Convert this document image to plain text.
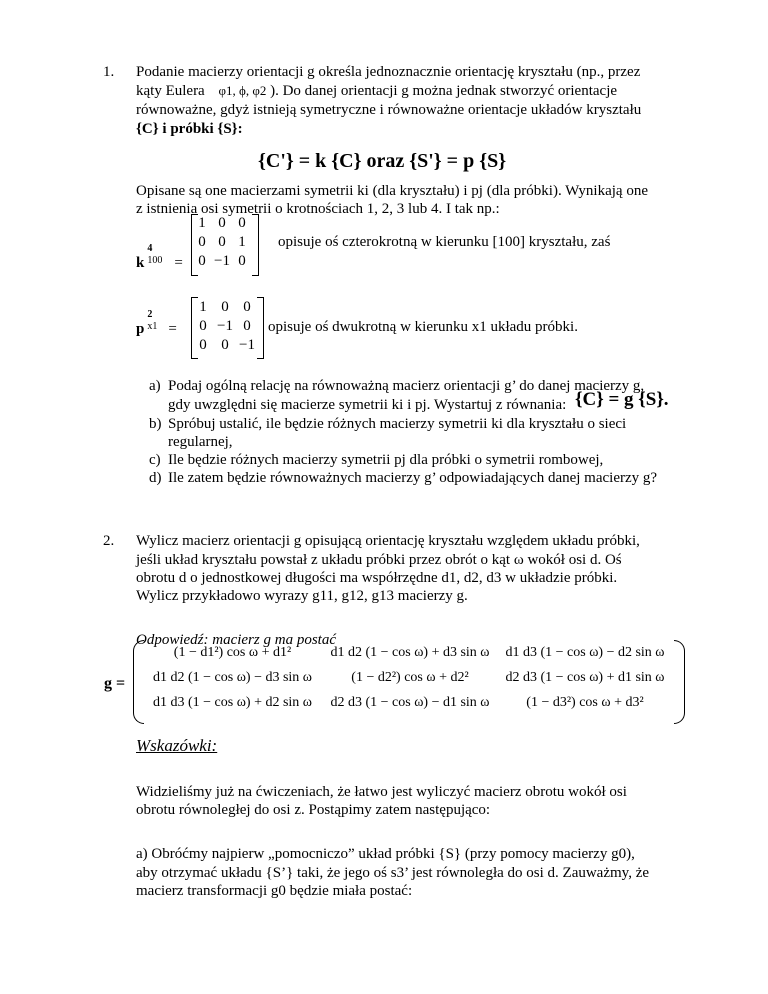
1. Podanie macierzy orientacji g określa jednoznacznie orientację kryształu (np., przez
kąty Eulera φ1, ϕ, φ2 ). Do danej orientacji g można jednak stworzyć orientacje
równoważne, gdyż istnieją symetryczne i równoważne orientacje układów kryształu
{C} i próbki {S}:
{C'} = k {C} oraz {S'} = p {S}
Opisane są one macierzami symetrii ki (dla kryształu) i pj (dla próbki). Wynikają one
z istnienia osi symetrii o krotnościach 1, 2, 3 lub 4. I tak np.:
k
4
100 =
1 0 0
0 0 1
0 −1 0
opisuje oś czterokrotną w kierunku [100] kryształu, zaś
p
2
x1 =
1 0 0
0 −1 0
0 0 −1
opisuje oś dwukrotną w kierunku x1 układu próbki.
a) Podaj ogólną relację na równoważną macierz orientacji g’ do danej macierzy g,
gdy uwzględni się macierze symetrii ki i pj. Wystartuj z równania: {C} = g {S}.
b) Spróbuj ustalić, ile będzie różnych macierzy symetrii ki dla kryształu o sieci
regularnej,
c) Ile będzie różnych macierzy symetrii pj dla próbki o symetrii rombowej,
d) Ile zatem będzie równoważnych macierzy g’ odpowiadających danej macierzy g?
2. Wylicz macierz orientacji g opisującą orientację kryształu względem układu próbki,
jeśli układ kryształu powstał z układu próbki przez obrót o kąt ω wokół osi d. Oś
obrotu d o jednostkowej długości ma współrzędne d1, d2, d3 w układzie próbki.
Wylicz przykładowo wyrazy g11, g12, g13 macierzy g.
Odpowiedź: macierz g ma postać
g =
(1 − d1²) cos ω + d1²	d1 d2 (1 − cos ω) + d3 sin ω	d1 d3 (1 − cos ω) − d2 sin ω
d1 d2 (1 − cos ω) − d3 sin ω	(1 − d2²) cos ω + d2²	d2 d3 (1 − cos ω) + d1 sin ω
d1 d3 (1 − cos ω) + d2 sin ω	d2 d3 (1 − cos ω) − d1 sin ω	(1 − d3²) cos ω + d3²
Wskazówki:
Widzieliśmy już na ćwiczeniach, że łatwo jest wyliczyć macierz obrotu wokół osi
obrotu równoległej do osi z. Postąpimy zatem następująco:
a) Obróćmy najpierw „pomocniczo” układ próbki {S} (przy pomocy macierzy g0),
aby otrzymać układu {S’} taki, że jego oś s3’ jest równoległa do osi d. Zauważmy, że
macierz transformacji g0 będzie miała postać:
